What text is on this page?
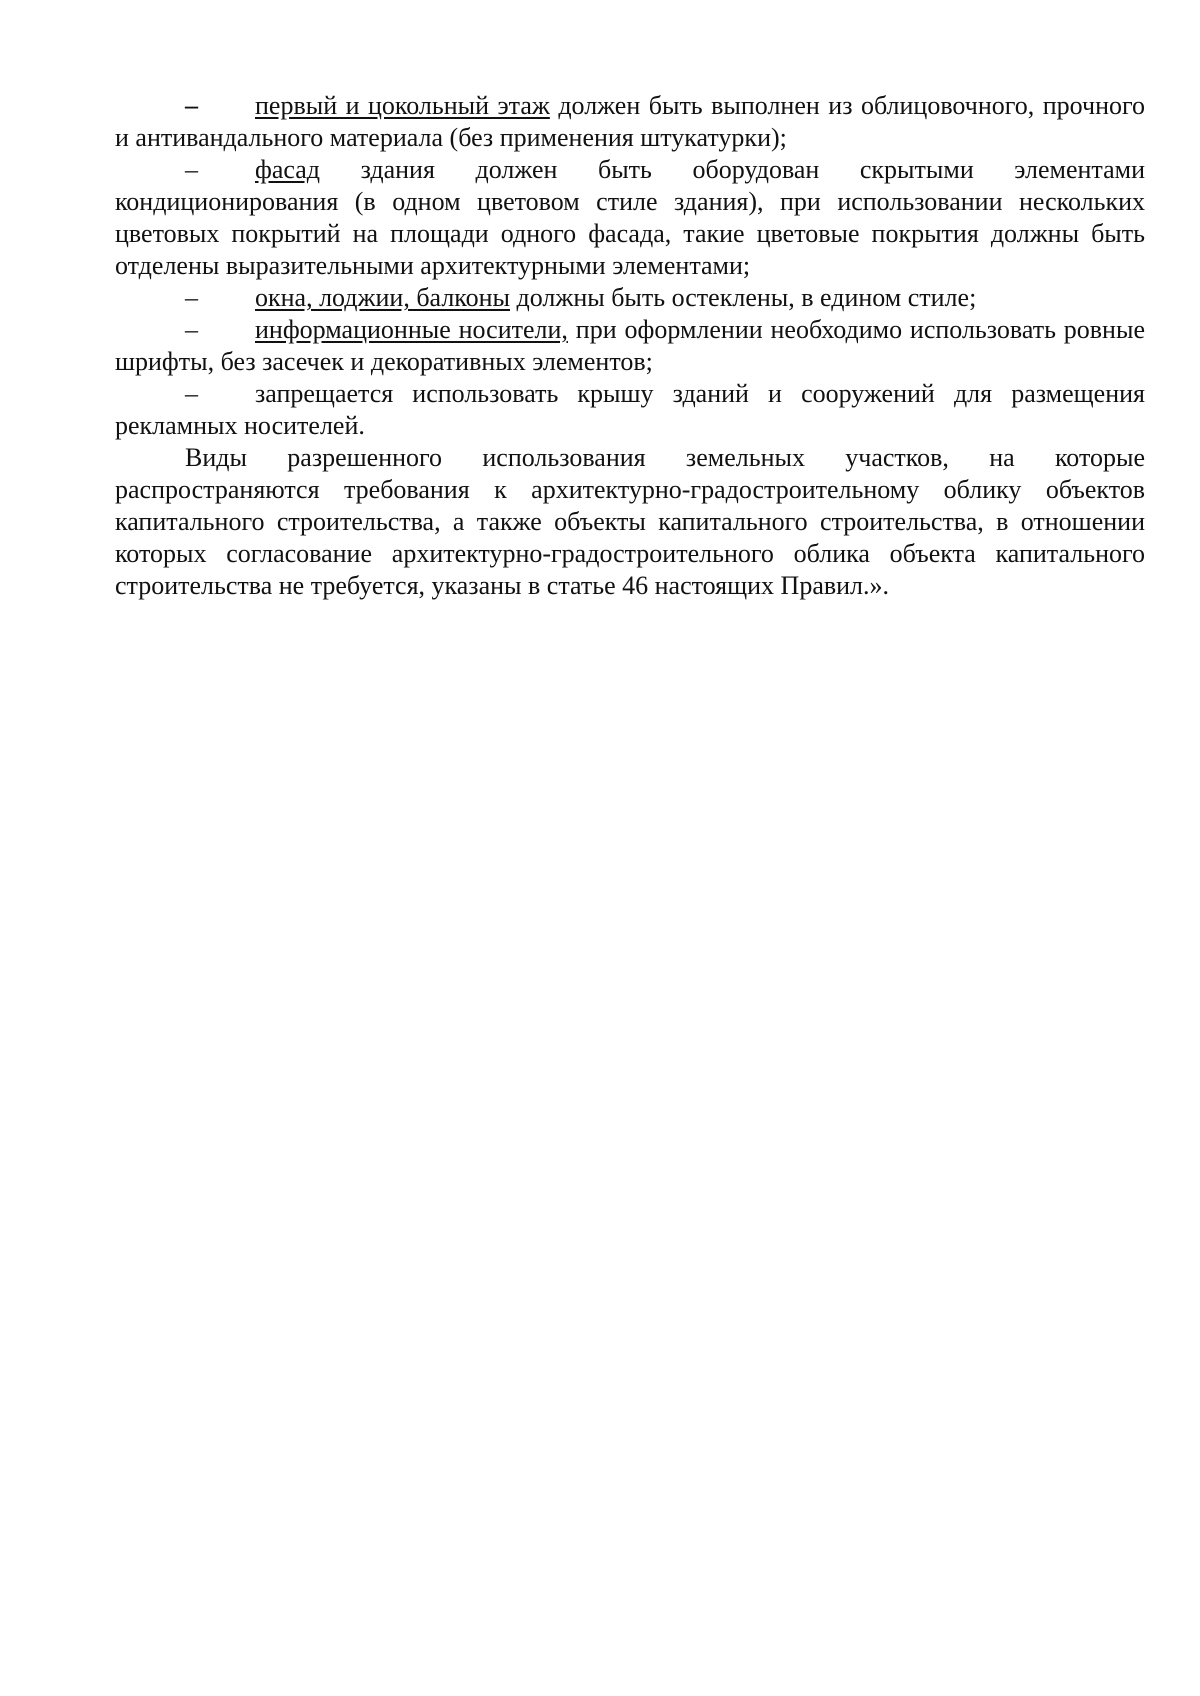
– первый и цокольный этаж должен быть выполнен из облицовочного, прочного и антивандального материала (без применения штукатурки);

– фасад здания должен быть оборудован скрытыми элементами кондиционирования (в одном цветовом стиле здания), при использовании нескольких цветовых покрытий на площади одного фасада, такие цветовые покрытия должны быть отделены выразительными архитектурными элементами;

– окна, лоджии, балконы должны быть остеклены, в едином стиле;

– информационные носители, при оформлении необходимо использовать ровные шрифты, без засечек и декоративных элементов;

– запрещается использовать крышу зданий и сооружений для размещения рекламных носителей.

Виды разрешенного использования земельных участков, на которые распространяются требования к архитектурно-градостроительному облику объектов капитального строительства, а также объекты капитального строительства, в отношении которых согласование архитектурно-градостроительного облика объекта капитального строительства не требуется, указаны в статье 46 настоящих Правил.».
